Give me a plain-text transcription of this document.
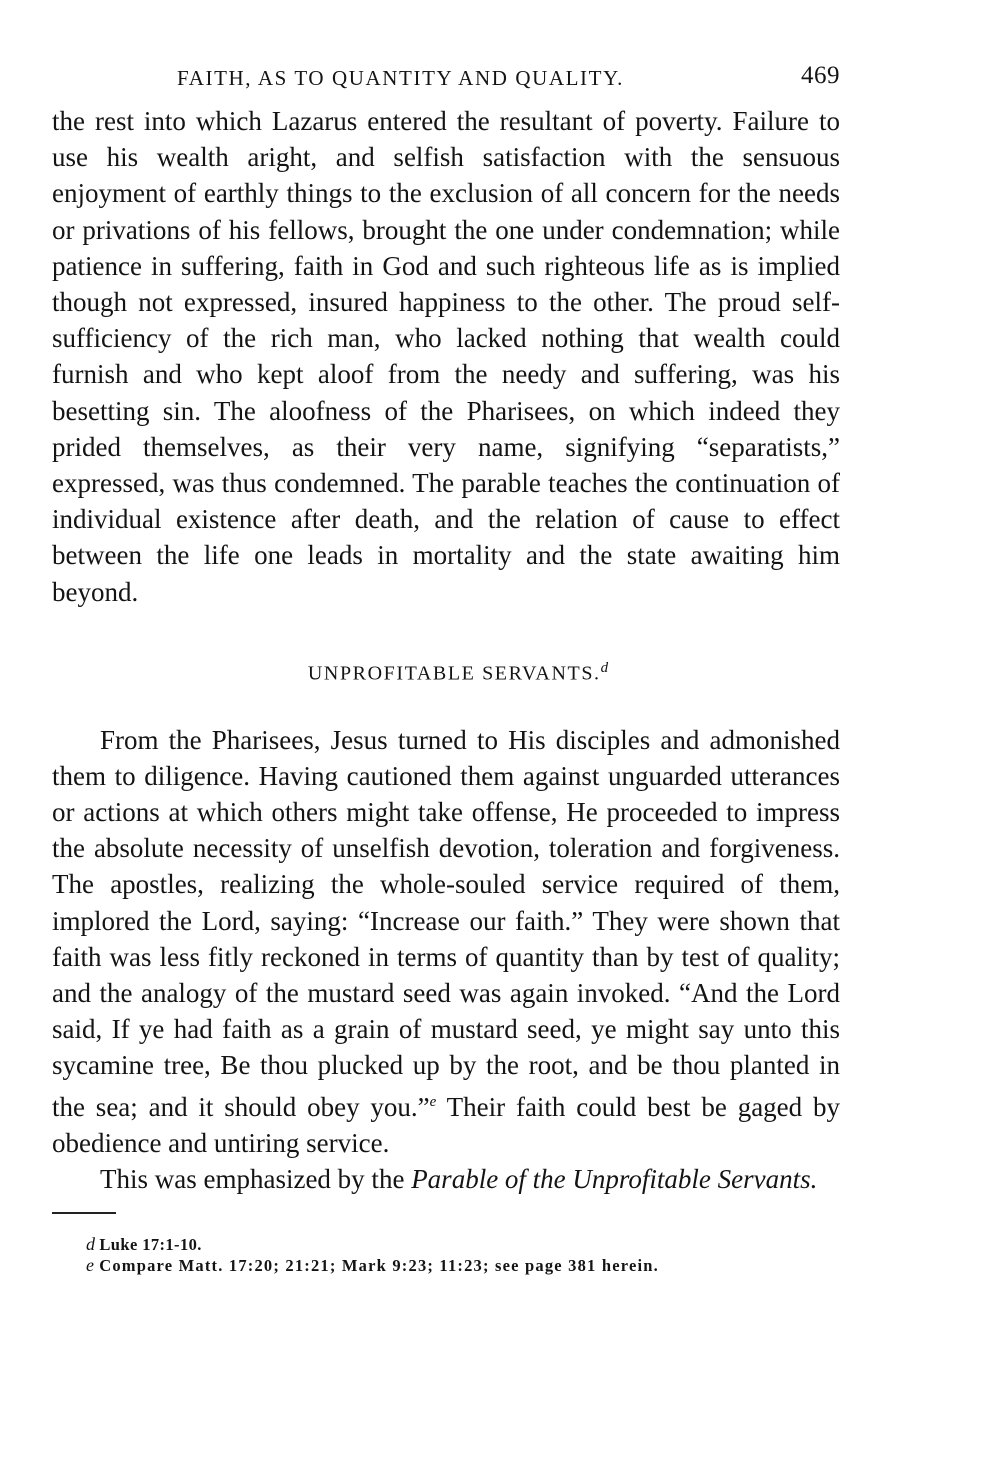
FAITH, AS TO QUANTITY AND QUALITY.	469

the rest into which Lazarus entered the resultant of poverty. Failure to use his wealth aright, and selfish satisfaction with the sensuous enjoyment of earthly things to the exclusion of all concern for the needs or privations of his fellows, brought the one under condemnation; while patience in suffering, faith in God and such righteous life as is implied though not expressed, insured happiness to the other. The proud self-sufficiency of the rich man, who lacked nothing that wealth could furnish and who kept aloof from the needy and suffering, was his besetting sin. The aloofness of the Pharisees, on which indeed they prided themselves, as their very name, signifying “separatists,” expressed, was thus condemned. The parable teaches the continuation of individual existence after death, and the relation of cause to effect between the life one leads in mortality and the state awaiting him beyond.

UNPROFITABLE SERVANTS.$^d$

From the Pharisees, Jesus turned to His disciples and admonished them to diligence. Having cautioned them against unguarded utterances or actions at which others might take offense, He proceeded to impress the absolute necessity of unselfish devotion, toleration and forgiveness. The apostles, realizing the whole-souled service required of them, implored the Lord, saying: “Increase our faith.” They were shown that faith was less fitly reckoned in terms of quantity than by test of quality; and the analogy of the mustard seed was again invoked. “And the Lord said, If ye had faith as a grain of mustard seed, ye might say unto this sycamine tree, Be thou plucked up by the root, and be thou planted in the sea; and it should obey you.”$^e$ Their faith could best be gaged by obedience and untiring service.

This was emphasized by the Parable of the Unprofitable Servants.

d Luke 17:1-10.
e Compare Matt. 17:20; 21:21; Mark 9:23; 11:23; see page 381 herein.
